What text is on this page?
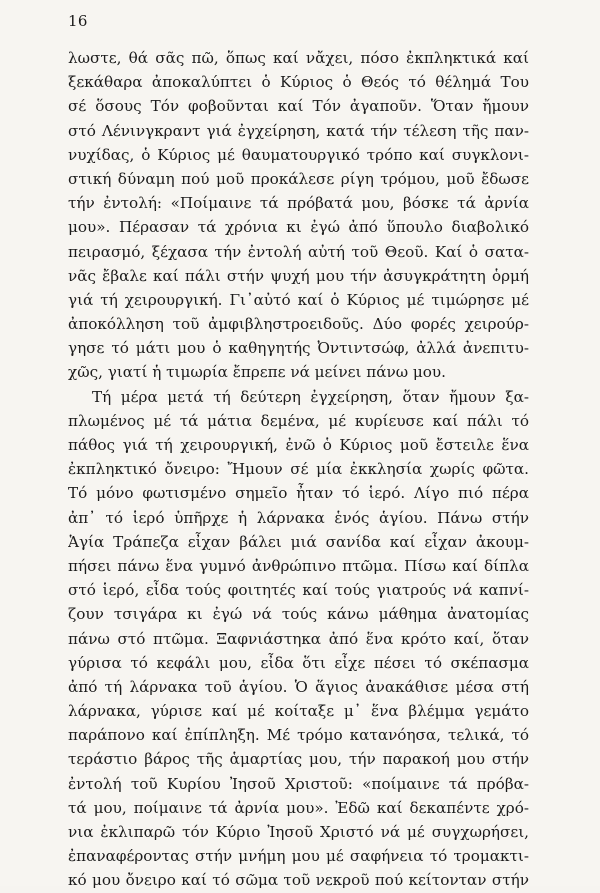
16
λωστε, θά σᾶς πῶ, ὅπως καί νἄχει, πόσο ἐκπληκτικά καί
ξεκάθαρα ἀποκαλύπτει ὁ Κύριος ὁ Θεός τό θέλημά Του
σέ ὅσους Τόν φοβοῦνται καί Τόν ἀγαποῦν. Ὅταν ἤμουν
στό Λένινγκραντ γιά ἐγχείρηση, κατά τήν τέλεση τῆς παν-
νυχίδας, ὁ Κύριος μέ θαυματουργικό τρόπο καί συγκλονι-
στική δύναμη πού μοῦ προκάλεσε ρίγη τρόμου, μοῦ ἔδωσε
τήν ἐντολή: «Ποίμαινε τά πρόβατά μου, βόσκε τά ἀρνία
μου». Πέρασαν τά χρόνια κι ἐγώ ἀπό ὕπουλο διαβολικό
πειρασμό, ξέχασα τήν ἐντολή αὐτή τοῦ Θεοῦ. Καί ὁ σατα-
νᾶς ἔβαλε καί πάλι στήν ψυχή μου τήν ἀσυγκράτητη ὁρμή
γιά τή χειρουργική. Γι᾽αὐτό καί ὁ Κύριος μέ τιμώρησε μέ
ἀποκόλληση τοῦ ἀμφιβληστροειδοῦς. Δύο φορές χειρούρ-
γησε τό μάτι μου ὁ καθηγητής Ὀντιντσώφ, ἀλλά ἀνεπιτυ-
χῶς, γιατί ἡ τιμωρία ἔπρεπε νά μείνει πάνω μου.
Τή μέρα μετά τή δεύτερη ἐγχείρηση, ὅταν ἤμουν ξα-
πλωμένος μέ τά μάτια δεμένα, μέ κυρίευσε καί πάλι τό
πάθος γιά τή χειρουργική, ἐνῶ ὁ Κύριος μοῦ ἔστειλε ἕνα
ἐκπληκτικό ὄνειρο: Ἤμουν σέ μία ἐκκλησία χωρίς φῶτα.
Τό μόνο φωτισμένο σημεῖο ἦταν τό ἱερό. Λίγο πιό πέρα
ἀπ᾽ τό ἱερό ὑπῆρχε ἡ λάρνακα ἑνός ἁγίου. Πάνω στήν
Ἁγία Τράπεζα εἶχαν βάλει μιά σανίδα καί εἶχαν ἀκουμ-
πήσει πάνω ἕνα γυμνό ἀνθρώπινο πτῶμα. Πίσω καί δίπλα
στό ἱερό, εἶδα τούς φοιτητές καί τούς γιατρούς νά καπνί-
ζουν τσιγάρα κι ἐγώ νά τούς κάνω μάθημα ἀνατομίας
πάνω στό πτῶμα. Ξαφνιάστηκα ἀπό ἕνα κρότο καί, ὅταν
γύρισα τό κεφάλι μου, εἶδα ὅτι εἶχε πέσει τό σκέπασμα
ἀπό τή λάρνακα τοῦ ἁγίου. Ὁ ἅγιος ἀνακάθισε μέσα στή
λάρνακα, γύρισε καί μέ κοίταξε μ᾽ ἕνα βλέμμα γεμάτο
παράπονο καί ἐπίπληξη. Μέ τρόμο κατανόησα, τελικά, τό
τεράστιο βάρος τῆς ἁμαρτίας μου, τήν παρακοή μου στήν
ἐντολή τοῦ Κυρίου Ἰησοῦ Χριστοῦ: «ποίμαινε τά πρόβα-
τά μου, ποίμαινε τά ἀρνία μου». Ἐδῶ καί δεκαπέντε χρό-
νια ἐκλιπαρῶ τόν Κύριο Ἰησοῦ Χριστό νά μέ συγχωρήσει,
ἐπαναφέροντας στήν μνήμη μου μέ σαφήνεια τό τρομακτι-
κό μου ὄνειρο καί τό σῶμα τοῦ νεκροῦ πού κείτονταν στήν
